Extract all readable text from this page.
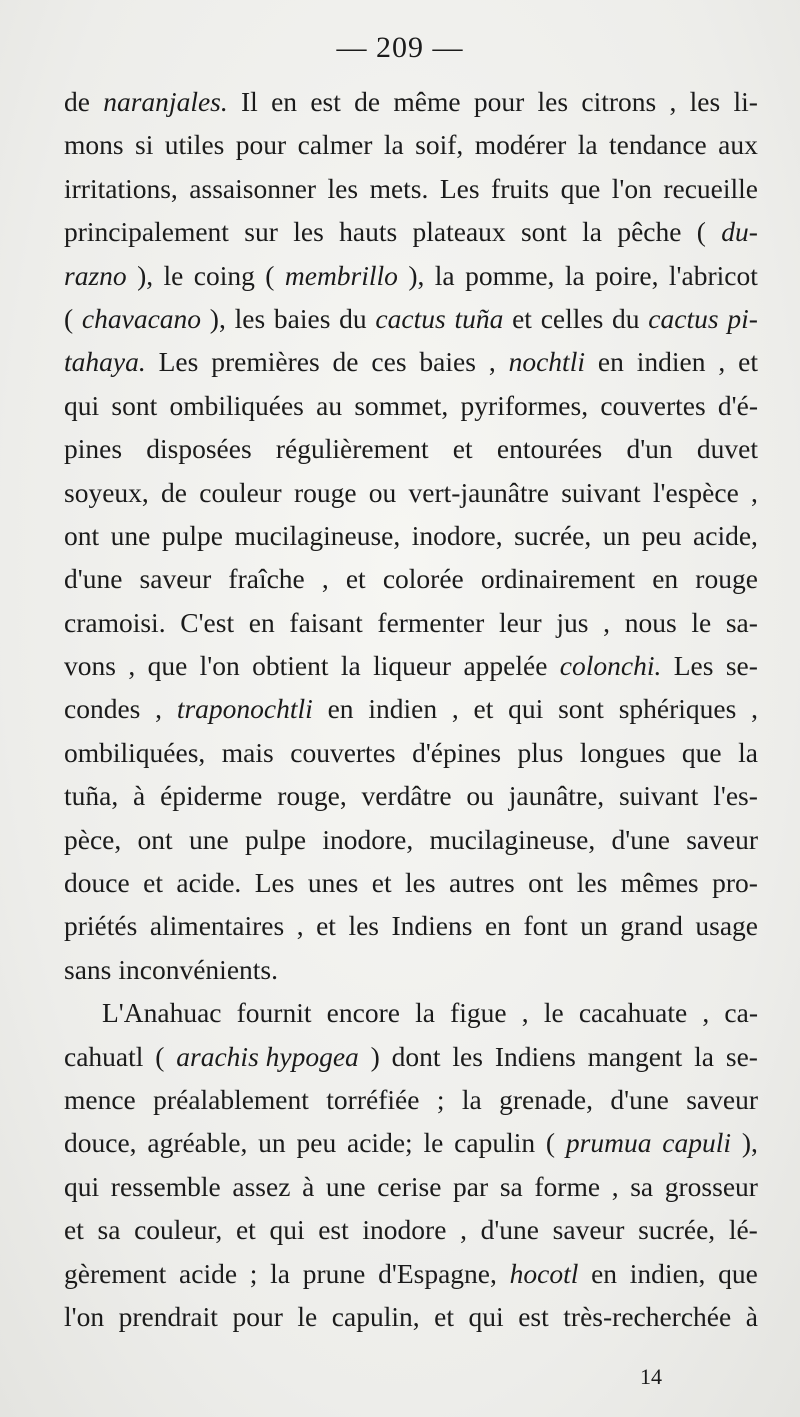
— 209 —
de naranjales. Il en est de même pour les citrons , les li-
mons si utiles pour calmer la soif, modérer la tendance aux
irritations, assaisonner les mets. Les fruits que l'on recueille
principalement sur les hauts plateaux sont la pêche ( du-
razno ), le coing ( membrillo ), la pomme, la poire, l'abricot
( chavacano ), les baies du cactus tuña et celles du cactus pi-
tahaya. Les premières de ces baies , nochtli en indien , et
qui sont ombiliquées au sommet, pyriformes, couvertes d'é-
pines disposées régulièrement et entourées d'un duvet
soyeux, de couleur rouge ou vert-jaunâtre suivant l'espèce ,
ont une pulpe mucilagineuse, inodore, sucrée, un peu acide,
d'une saveur fraîche , et colorée ordinairement en rouge
cramoisi. C'est en faisant fermenter leur jus , nous le sa-
vons , que l'on obtient la liqueur appelée colonchi. Les se-
condes , traponochtli en indien , et qui sont sphériques ,
ombiliquées, mais couvertes d'épines plus longues que la
tuña, à épiderme rouge, verdâtre ou jaunâtre, suivant l'es-
pèce, ont une pulpe inodore, mucilagineuse, d'une saveur
douce et acide. Les unes et les autres ont les mêmes pro-
priétés alimentaires , et les Indiens en font un grand usage
sans inconvénients.
L'Anahuac fournit encore la figue , le cacahuate , ca-
cahuatl ( arachis hypogea ) dont les Indiens mangent la se-
mence préalablement torréfiée ; la grenade, d'une saveur
douce, agréable, un peu acide; le capulin ( prumua capuli ),
qui ressemble assez à une cerise par sa forme , sa grosseur
et sa couleur, et qui est inodore , d'une saveur sucrée, lé-
gèrement acide ; la prune d'Espagne, hocotl en indien, que
l'on prendrait pour le capulin, et qui est très-recherchée à
14
